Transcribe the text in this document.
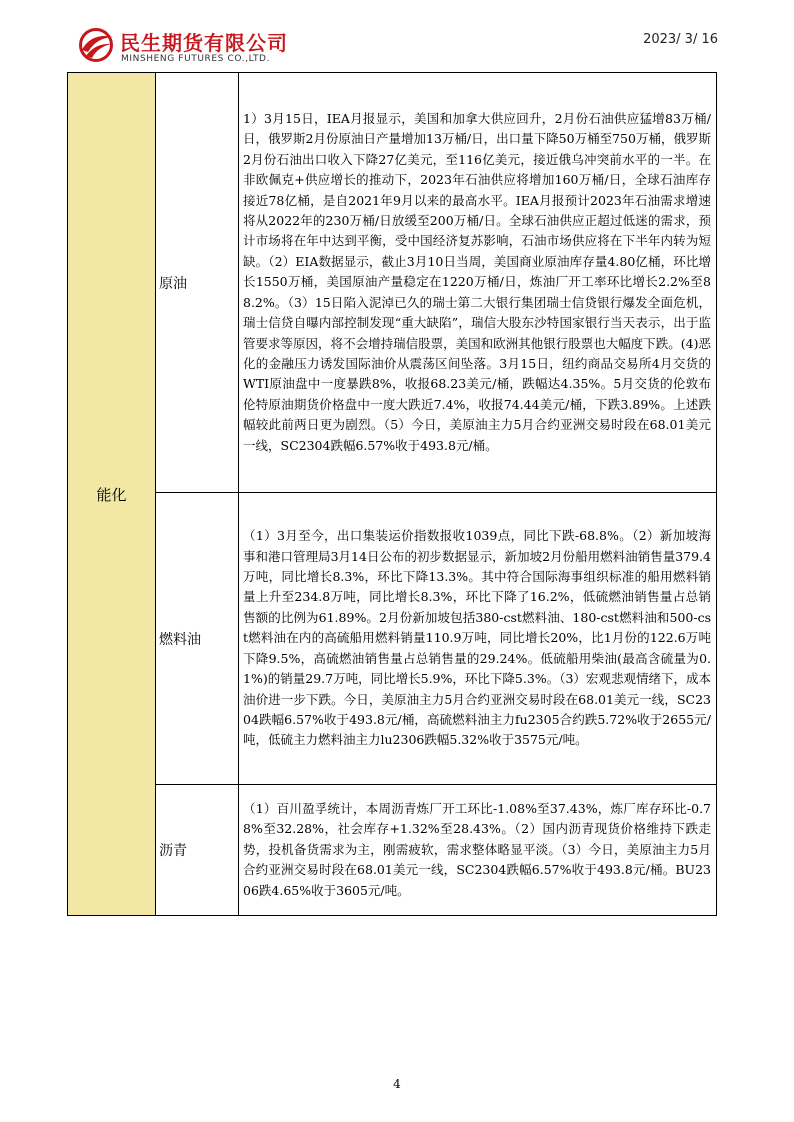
民生期货有限公司
MINSHENG FUTURES CO.,LTD.
2023/ 3/ 16
能化	原油	1）3月15日，IEA月报显示，美国和加拿大供应回升，2月份石油供应猛增83万桶/日，俄罗斯2月份原油日产量增加13万桶/日，出口量下降50万桶至750万桶，俄罗斯2月份石油出口收入下降27亿美元，至116亿美元，接近俄乌冲突前水平的一半。在非欧佩克+供应增长的推动下，2023年石油供应将增加160万桶/日，全球石油库存接近78亿桶，是自2021年9月以来的最高水平。IEA月报预计2023年石油需求增速将从2022年的230万桶/日放缓至200万桶/日。全球石油供应正超过低迷的需求，预计市场将在年中达到平衡，受中国经济复苏影响，石油市场供应将在下半年内转为短缺。（2）EIA数据显示，截止3月10日当周，美国商业原油库存量4.80亿桶，环比增长1550万桶，美国原油产量稳定在1220万桶/日，炼油厂开工率环比增长2.2%至88.2%。（3）15日陷入泥淖已久的瑞士第二大银行集团瑞士信贷银行爆发全面危机，瑞士信贷自曝内部控制发现“重大缺陷”，瑞信大股东沙特国家银行当天表示，出于监管要求等原因，将不会增持瑞信股票，美国和欧洲其他银行股票也大幅度下跌。(4)恶化的金融压力诱发国际油价从震荡区间坠落。3月15日，纽约商品交易所4月交货的WTI原油盘中一度暴跌8%，收报68.23美元/桶，跌幅达4.35%。5月交货的伦敦布伦特原油期货价格盘中一度大跌近7.4%，收报74.44美元/桶，下跌3.89%。上述跌幅较此前两日更为剧烈。（5）今日，美原油主力5月合约亚洲交易时段在68.01美元一线，SC2304跌幅6.57%收于493.8元/桶。
	燃料油	（1）3月至今，出口集装运价指数报收1039点，同比下跌-68.8%。（2）新加坡海事和港口管理局3月14日公布的初步数据显示，新加坡2月份船用燃料油销售量379.4万吨，同比增长8.3%，环比下降13.3%。其中符合国际海事组织标准的船用燃料销量上升至234.8万吨，同比增长8.3%，环比下降了16.2%，低硫燃油销售量占总销售额的比例为61.89%。2月份新加坡包括380-cst燃料油、180-cst燃料油和500-cst燃料油在内的高硫船用燃料销量110.9万吨，同比增长20%，比1月份的122.6万吨下降9.5%，高硫燃油销售量占总销售量的29.24%。低硫船用柴油(最高含硫量为0.1%)的销量29.7万吨，同比增长5.9%，环比下降5.3%。（3）宏观悲观情绪下，成本油价进一步下跌。今日，美原油主力5月合约亚洲交易时段在68.01美元一线，SC2304跌幅6.57%收于493.8元/桶，高硫燃料油主力fu2305合约跌5.72%收于2655元/吨，低硫主力燃料油主力lu2306跌幅5.32%收于3575元/吨。
	沥青	（1）百川盈孚统计，本周沥青炼厂开工环比-1.08%至37.43%，炼厂库存环比-0.78%至32.28%，社会库存+1.32%至28.43%。（2）国内沥青现货价格维持下跌走势，投机备货需求为主，刚需疲软，需求整体略显平淡。（3）今日，美原油主力5月合约亚洲交易时段在68.01美元一线，SC2304跌幅6.57%收于493.8元/桶。BU2306跌4.65%收于3605元/吨。
4
